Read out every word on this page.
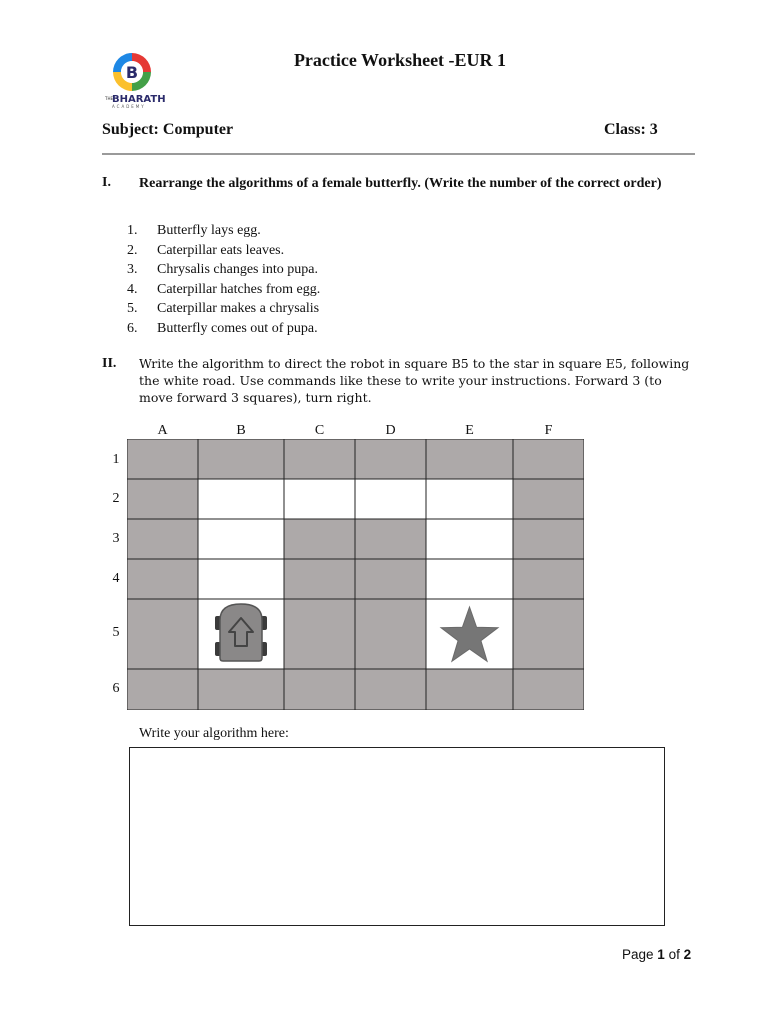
B
THE BHARATH
ACADEMY
Practice Worksheet -EUR 1
Subject: Computer	Class: 3
I. Rearrange the algorithms of a female butterfly. (Write the number of the correct order)
1.	Butterfly lays egg.
2.	Caterpillar eats leaves.
3.	Chrysalis changes into pupa.
4.	Caterpillar hatches from egg.
5.	Caterpillar makes a chrysalis
6.	Butterfly comes out of pupa.
II. Write the algorithm to direct the robot in square B5 to the star in square E5, following the white road. Use commands like these to write your instructions. Forward 3 (to move forward 3 squares), turn right.
A	B	C	D	E	F
1
2
3
4
5
6
Write your algorithm here:
Page 1 of 2
